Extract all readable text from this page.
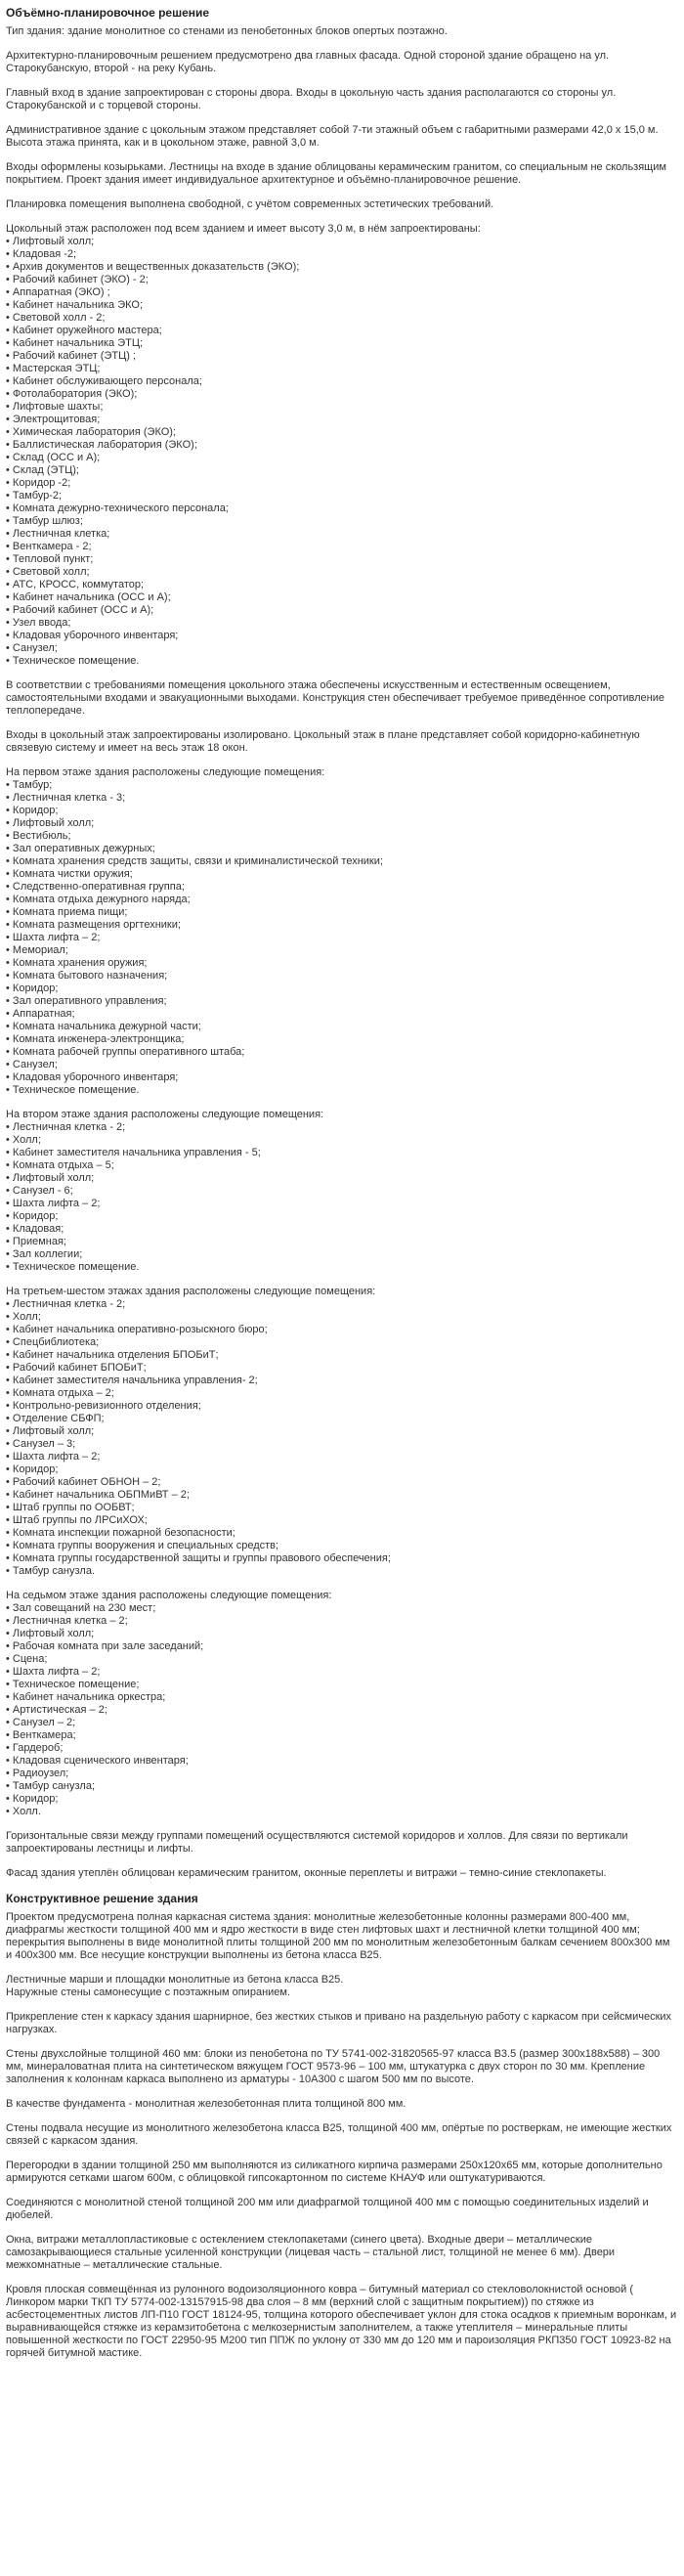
Объёмно-планировочное решение

Тип здания: здание монолитное со стенами из пенобетонных блоков опертых поэтажно.

Архитектурно-планировочным решением предусмотрено два главных фасада. Одной стороной здание обращено на ул. Старокубанскую, второй - на реку Кубань.

Главный вход в здание запроектирован с стороны двора. Входы в цокольную часть здания располагаются со стороны ул. Старокубанской и с торцевой стороны.

Административное здание с цокольным этажом представляет собой 7-ти этажный объем с габаритными размерами 42,0 х 15,0 м. Высота этажа принята, как и в цокольном этаже, равной 3,0 м.

Входы оформлены козырьками. Лестницы на входе в здание облицованы керамическим гранитом, со специальным не скользящим покрытием. Проект здания имеет индивидуальное архитектурное и объёмно-планировочное решение.

Планировка помещения выполнена свободной, с учётом современных эстетических требований.

Цокольный этаж расположен под всем зданием и имеет высоту 3,0 м, в нём запроектированы:
• Лифтовый холл;
• Кладовая -2;
• Архив документов и вещественных доказательств (ЭКО);
• Рабочий кабинет (ЭКО) - 2;
• Аппаратная (ЭКО) ;
• Кабинет начальника ЭКО;
• Световой холл - 2;
• Кабинет оружейного мастера;
• Кабинет начальника ЭТЦ;
• Рабочий кабинет (ЭТЦ) ;
• Мастерская ЭТЦ;
• Кабинет обслуживающего персонала;
• Фотолаборатория (ЭКО);
• Лифтовые шахты;
• Электрощитовая;
• Химическая лаборатория (ЭКО);
• Баллистическая лаборатория (ЭКО);
• Склад (ОСС и А);
• Склад (ЭТЦ);
• Коридор -2;
• Тамбур-2;
• Комната дежурно-технического персонала;
• Тамбур шлюз;
• Лестничная клетка;
• Венткамера - 2;
• Тепловой пункт;
• Световой холл;
• АТС, КРОСС, коммутатор;
• Кабинет начальника (ОСС и А);
• Рабочий кабинет (ОСС и А);
• Узел ввода;
• Кладовая уборочного инвентаря;
• Санузел;
• Техническое помещение.

В соответствии с требованиями помещения цокольного этажа обеспечены искусственным и естественным освещением, самостоятельными входами и эвакуационными выходами. Конструкция стен обеспечивает требуемое приведённое сопротивление теплопередаче.

Входы в цокольный этаж запроектированы изолировано. Цокольный этаж в плане представляет собой коридорно-кабинетную связевую систему и имеет на весь этаж 18 окон.

На первом этаже здания расположены следующие помещения:
• Тамбур;
• Лестничная клетка - 3;
• Коридор;
• Лифтовый холл;
• Вестибюль;
• Зал оперативных дежурных;
• Комната хранения средств защиты, связи и криминалистической техники;
• Комната чистки оружия;
• Следственно-оперативная группа;
• Комната отдыха дежурного наряда;
• Комната приема пищи;
• Комната размещения оргтехники;
• Шахта лифта – 2;
• Мемориал;
• Комната хранения оружия;
• Комната бытового назначения;
• Коридор;
• Зал оперативного управления;
• Аппаратная;
• Комната начальника дежурной части;
• Комната инженера-электронщика;
• Комната рабочей группы оперативного штаба;
• Санузел;
• Кладовая уборочного инвентаря;
• Техническое помещение.
На втором этаже здания расположены следующие помещения:
• Лестничная клетка - 2;
• Холл;
• Кабинет заместителя начальника управления - 5;
• Комната отдыха – 5;
• Лифтовый холл;
• Санузел - 6;
• Шахта лифта – 2;
• Коридор;
• Кладовая;
• Приемная;
• Зал коллегии;
• Техническое помещение.
На третьем-шестом этажах здания расположены следующие помещения:
• Лестничная клетка - 2;
• Холл;
• Кабинет начальника оперативно-розыскного бюро;
• Спецбиблиотека;
• Кабинет начальника отделения БПОБиТ;
• Рабочий кабинет БПОБиТ;
• Кабинет заместителя начальника управления- 2;
• Комната отдыха – 2;
• Контрольно-ревизионного отделения;
• Отделение СБФП;
• Лифтовый холл;
• Санузел – 3;
• Шахта лифта – 2;
• Коридор;
• Рабочий кабинет ОБНОН – 2;
• Кабинет начальника ОБПМиВТ – 2;
• Штаб группы по ООБВТ;
• Штаб группы по ЛРСиХОХ;
• Комната инспекции пожарной безопасности;
• Комната группы вооружения и специальных средств;
• Комната группы государственной защиты и группы правового обеспечения;
• Тамбур санузла.
На седьмом этаже здания расположены следующие помещения:
• Зал совещаний на 230 мест;
• Лестничная клетка – 2;
• Лифтовый холл;
• Рабочая комната при зале заседаний;
• Сцена;
• Шахта лифта – 2;
• Техническое помещение;
• Кабинет начальника оркестра;
• Артистическая – 2;
• Санузел – 2;
• Венткамера;
• Гардероб;
• Кладовая сценического инвентаря;
• Радиоузел;
• Тамбур санузла;
• Коридор;
• Холл.

Горизонтальные связи между группами помещений осуществляются системой коридоров и холлов. Для связи по вертикали запроектированы лестницы и лифты.

Фасад здания утеплён облицован керамическим гранитом, оконные переплеты и витражи – темно-синие стеклопакеты.

Конструктивное решение здания

Проектом предусмотрена полная каркасная система здания: монолитные железобетонные колонны размерами 800-400 мм, диафрагмы жесткости толщиной 400 мм и ядро жесткости в виде стен лифтовых шахт и лестничной клетки толщиной 400 мм; перекрытия выполнены в виде монолитной плиты толщиной 200 мм по монолитным железобетонным балкам сечением 800х300 мм и 400х300 мм. Все несущие конструкции выполнены из бетона класса B25.

Лестничные марши и площадки монолитные из бетона класса B25.
Наружные стены самонесущие с поэтажным опиранием.

Прикрепление стен к каркасу здания шарнирное, без жестких стыков и привано на раздельную работу с каркасом при сейсмических нагрузках.

Стены двухслойные толщиной 460 мм: блоки из пенобетона по ТУ 5741-002-31820565-97 класса B3.5 (размер 300х188х588) – 300 мм, минераловатная плита на синтетическом вяжущем ГОСТ 9573-96 – 100 мм, штукатурка с двух сторон по 30 мм. Крепление заполнения к колоннам каркаса выполнено из арматуры - 10А300 с шагом 500 мм по высоте.

В качестве фундамента - монолитная железобетонная плита толщиной 800 мм.

Стены подвала несущие из монолитного железобетона класса B25, толщиной 400 мм, опёртые по ростверкам, не имеющие жестких связей с каркасом здания.

Перегородки в здании толщиной 250 мм выполняются из силикатного кирпича размерами 250х120х65 мм, которые дополнительно армируются сетками шагом 600м, с облицовкой гипсокартонном по системе КНАУФ или оштукатуриваются.

Соединяются с монолитной стеной толщиной 200 мм или диафрагмой толщиной 400 мм с помощью соединительных изделий и дюбелей.

Окна, витражи металлопластиковые с остеклением стеклопакетами (синего цвета). Входные двери – металлические самозакрывающиеся стальные усиленной конструкции (лицевая часть – стальной лист, толщиной не менее 6 мм). Двери межкомнатные – металлические стальные.

Кровля плоская совмещённая из рулонного водоизоляционного ковра – битумный материал со стекловолокнистой основой ( Линкором марки ТКП ТУ 5774-002-13157915-98 два слоя – 8 мм (верхний слой с защитным покрытием)) по стяжке из асбестоцементных листов ЛП-П10 ГОСТ 18124-95, толщина которого обеспечивает уклон для стока осадков к приемным воронкам, и выравнивающейся стяжке из керамзитобетона с мелкозернистым заполнителем, а также утеплителя – минеральные плиты повышенной жесткости по ГОСТ 22950-95 М200 тип ППЖ по уклону от 330 мм до 120 мм и пароизоляция РКП350 ГОСТ 10923-82 на горячей битумной мастике.
